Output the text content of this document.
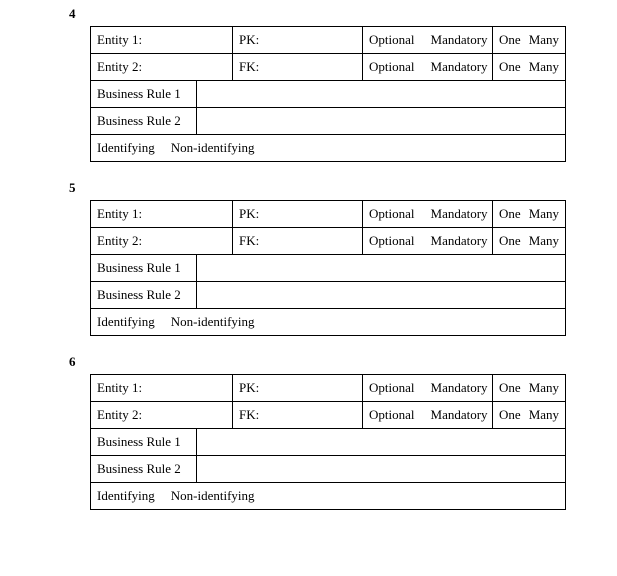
4
Entity 1:		PK:	Optional Mandatory	One Many
Entity 2:		FK:	Optional Mandatory	One Many
Business Rule 1				
Business Rule 2				
Identifying Non-identifying				
5
Entity 1:		PK:	Optional Mandatory	One Many
Entity 2:		FK:	Optional Mandatory	One Many
Business Rule 1				
Business Rule 2				
Identifying Non-identifying				
6
Entity 1:		PK:	Optional Mandatory	One Many
Entity 2:		FK:	Optional Mandatory	One Many
Business Rule 1				
Business Rule 2				
Identifying Non-identifying				
